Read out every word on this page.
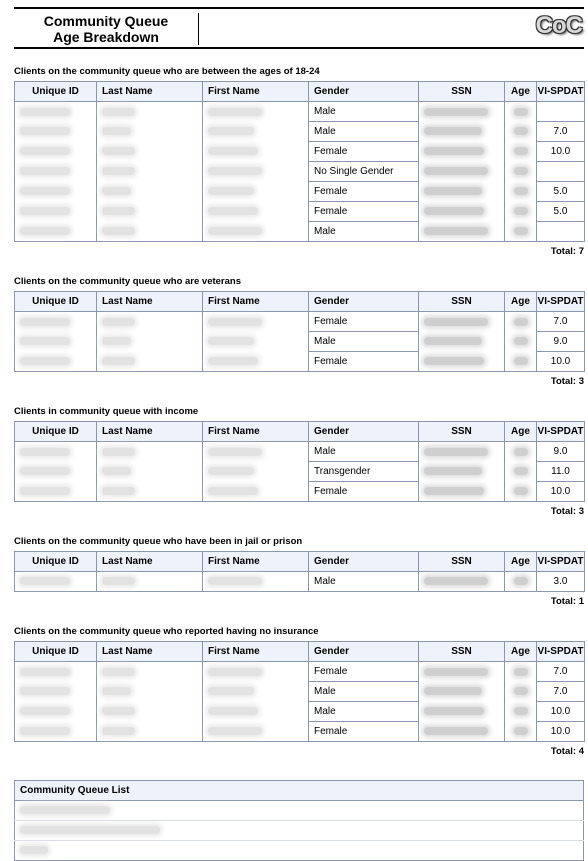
Community Queue
Age Breakdown	CoC
Clients on the community queue who are between the ages of 18-24
Unique ID	Last Name	First Name	Gender	SSN	Age	VI-SPDAT
			Male			
			Male			7.0
			Female			10.0
			No Single Gender			
			Female			5.0
			Female			5.0
			Male			
Total: 7
Clients on the community queue who are veterans
Unique ID	Last Name	First Name	Gender	SSN	Age	VI-SPDAT
			Female			7.0
			Male			9.0
			Female			10.0
Total: 3
Clients in community queue with income
Unique ID	Last Name	First Name	Gender	SSN	Age	VI-SPDAT
			Male			9.0
			Transgender			11.0
			Female			10.0
Total: 3
Clients on the community queue who have been in jail or prison
Unique ID	Last Name	First Name	Gender	SSN	Age	VI-SPDAT
			Male			3.0
Total: 1
Clients on the community queue who reported having no insurance
Unique ID	Last Name	First Name	Gender	SSN	Age	VI-SPDAT
			Female			7.0
			Male			7.0
			Male			10.0
			Female			10.0
Total: 4
Community Queue List
